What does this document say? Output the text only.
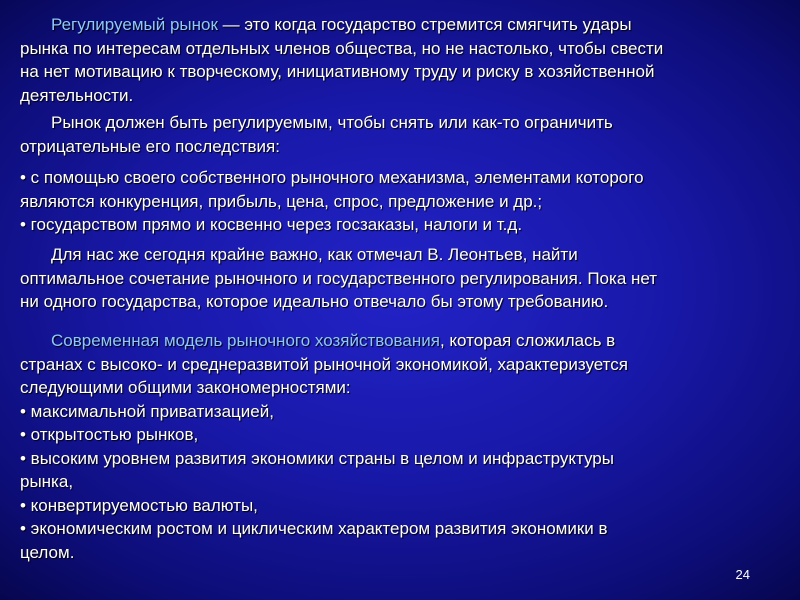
Регулируемый рынок — это когда государство стремится смягчить удары
рынка по интересам отдельных членов общества, но не настолько, чтобы свести
на нет мотивацию к творческому, инициативному труду и риску в хозяйственной
деятельности.
Рынок должен быть регулируемым, чтобы снять или как-то ограничить
отрицательные его последствия:
• с помощью своего собственного рыночного механизма, элементами которого
являются конкуренция, прибыль, цена, спрос, предложение и др.;
• государством прямо и косвенно через госзаказы, налоги и т.д.
Для нас же сегодня крайне важно, как отмечал В. Леонтьев, найти
оптимальное сочетание рыночного и государственного регулирования. Пока нет
ни одного государства, которое идеально отвечало бы этому требованию.
Современная модель рыночного хозяйствования, которая сложилась в
странах с высоко- и среднеразвитой рыночной экономикой, характеризуется
следующими общими закономерностями:
• максимальной приватизацией,
• открытостью рынков,
• высоким уровнем развития экономики страны в целом и инфраструктуры
рынка,
• конвертируемостью валюты,
• экономическим ростом и циклическим характером развития экономики в
целом.
24
